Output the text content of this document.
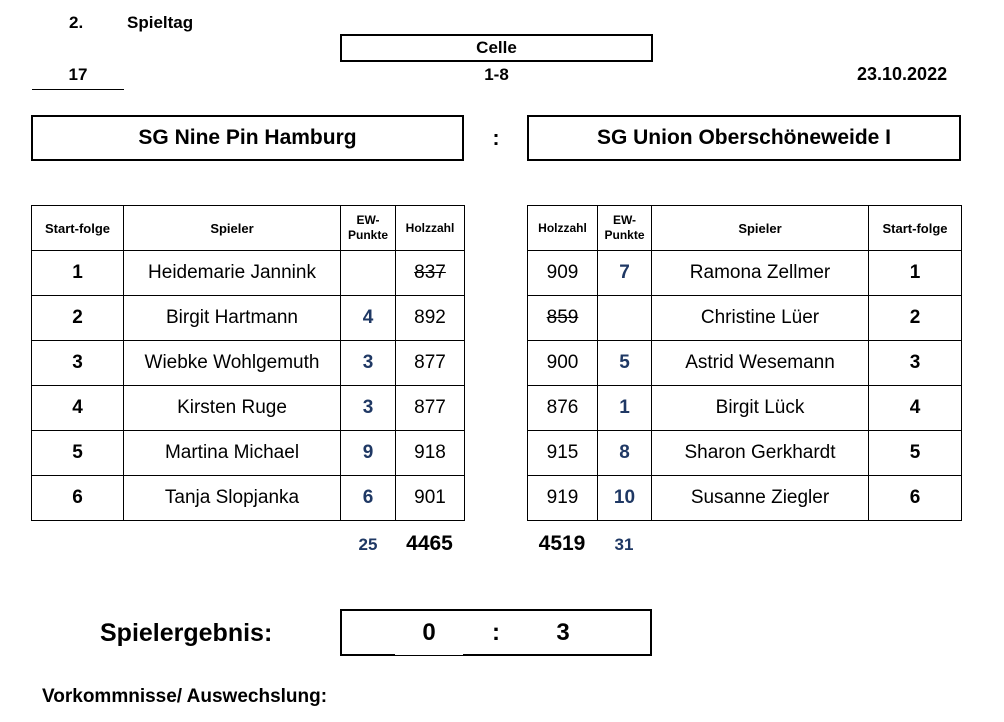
2.	Spieltag
Celle
17	1-8	23.10.2022
SG Nine Pin Hamburg	:	SG Union Oberschöneweide I
Start-folge	Spieler	EW-Punkte	Holzzahl
1	Heidemarie Jannink		837
2	Birgit Hartmann	4	892
3	Wiebke Wohlgemuth	3	877
4	Kirsten Ruge	3	877
5	Martina Michael	9	918
6	Tanja Slopjanka	6	901
Holzzahl	EW-Punkte	Spieler	Start-folge
909	7	Ramona Zellmer	1
859		Christine Lüer	2
900	5	Astrid Wesemann	3
876	1	Birgit Lück	4
915	8	Sharon Gerkhardt	5
919	10	Susanne Ziegler	6
25	4465	4519	31
Spielergebnis:	0	:	3
Vorkommnisse/ Auswechslung:
